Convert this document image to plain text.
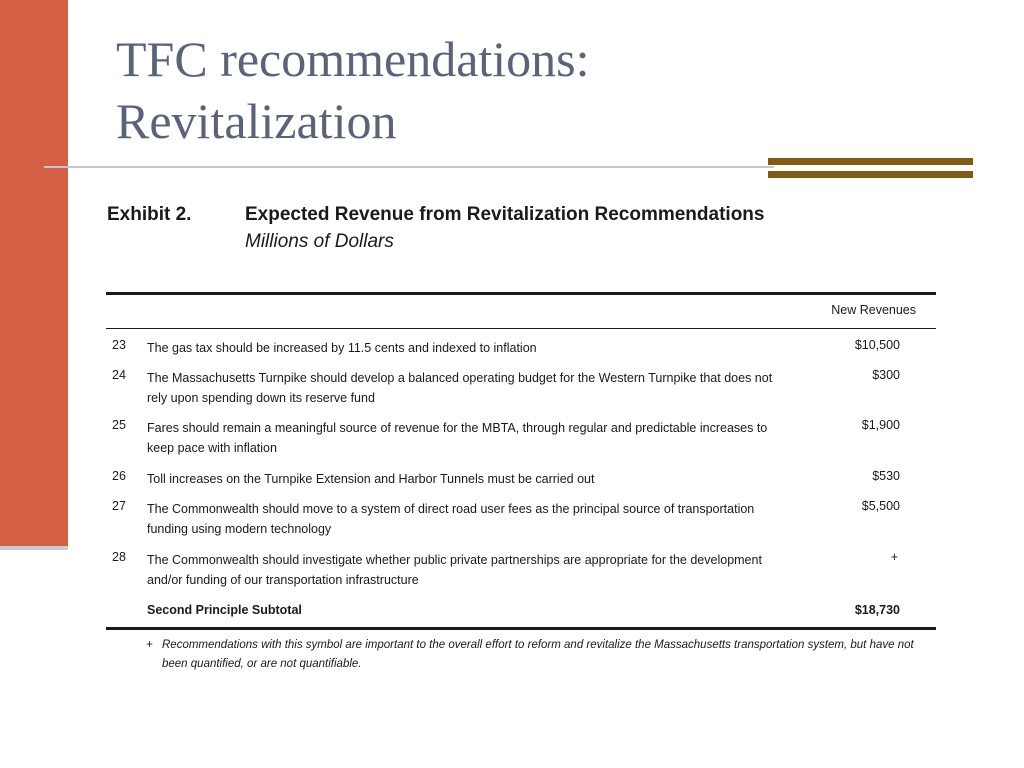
TFC recommendations:
Revitalization
Exhibit 2.	Expected Revenue from Revitalization Recommendations
Millions of Dollars
New Revenues
23 The gas tax should be increased by 11.5 cents and indexed to inflation	$10,500
24 The Massachusetts Turnpike should develop a balanced operating budget for the Western Turnpike that does not rely upon spending down its reserve fund
$300
25 Fares should remain a meaningful source of revenue for the MBTA, through regular and predictable increases to keep pace with inflation
$1,900
26 Toll increases on the Turnpike Extension and Harbor Tunnels must be carried out	$530
27 The Commonwealth should move to a system of direct road user fees as the principal source of transportation funding using modern technology
$5,500
28 The Commonwealth should investigate whether public private partnerships are appropriate for the development and/or funding of our transportation infrastructure
+
Second Principle Subtotal	$18,730
+ Recommendations with this symbol are important to the overall effort to reform and revitalize the Massachusetts transportation system, but have not been quantified, or are not quantifiable.
